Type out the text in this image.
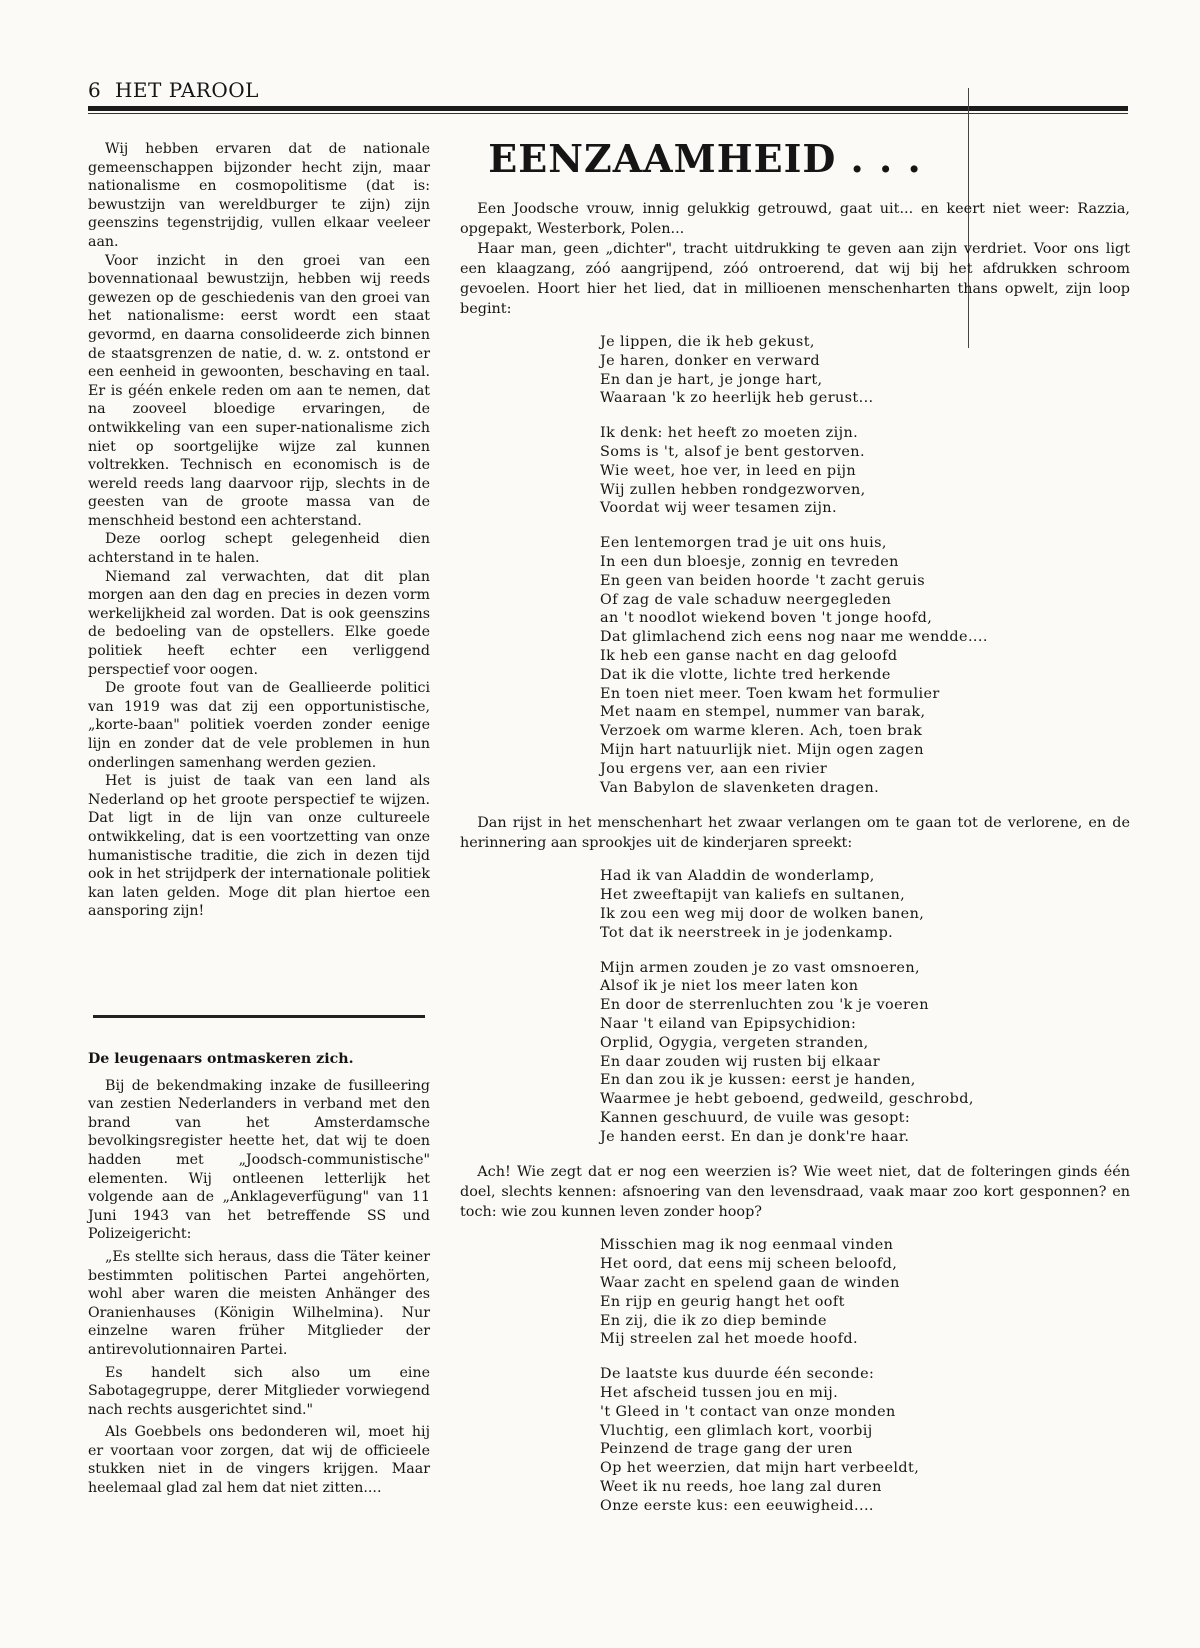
6 HET PAROOL

Wij hebben ervaren dat de nationale gemeenschappen bijzonder hecht zijn, maar nationalisme en cosmopolitisme (dat is: bewustzijn van wereldburger te zijn) zijn geenszins tegenstrijdig, vullen elkaar veeleer aan.

Voor inzicht in den groei van een bovennationaal bewustzijn, hebben wij reeds gewezen op de geschiedenis van den groei van het nationalisme: eerst wordt een staat gevormd, en daarna consolideerde zich binnen de staatsgrenzen de natie, d. w. z. ontstond er een eenheid in gewoonten, beschaving en taal. Er is géén enkele reden om aan te nemen, dat na zooveel bloedige ervaringen, de ontwikkeling van een super-nationalisme zich niet op soortgelijke wijze zal kunnen voltrekken. Technisch en economisch is de wereld reeds lang daarvoor rijp, slechts in de geesten van de groote massa van de menschheid bestond een achterstand.

Deze oorlog schept gelegenheid dien achterstand in te halen.

Niemand zal verwachten, dat dit plan morgen aan den dag en precies in dezen vorm werkelijkheid zal worden. Dat is ook geenszins de bedoeling van de opstellers. Elke goede politiek heeft echter een verliggend perspectief voor oogen.

De groote fout van de Geallieerde politici van 1919 was dat zij een opportunistische, „korte-baan" politiek voerden zonder eenige lijn en zonder dat de vele problemen in hun onderlingen samenhang werden gezien.

Het is juist de taak van een land als Nederland op het groote perspectief te wijzen. Dat ligt in de lijn van onze cultureele ontwikkeling, dat is een voortzetting van onze humanistische traditie, die zich in dezen tijd ook in het strijdperk der internationale politiek kan laten gelden. Moge dit plan hiertoe een aansporing zijn!

De leugenaars ontmaskeren zich.

Bij de bekendmaking inzake de fusilleering van zestien Nederlanders in verband met den brand van het Amsterdamsche bevolkingsregister heette het, dat wij te doen hadden met „Joodsch-communistische" elementen. Wij ontleenen letterlijk het volgende aan de „Anklageverfügung" van 11 Juni 1943 van het betreffende SS und Polizeigericht:

„Es stellte sich heraus, dass die Täter keiner bestimmten politischen Partei angehörten, wohl aber waren die meisten Anhänger des Oranienhauses (Königin Wilhelmina). Nur einzelne waren früher Mitglieder der antirevolutionnairen Partei.

Es handelt sich also um eine Sabotagegruppe, derer Mitglieder vorwiegend nach rechts ausgerichtet sind."

Als Goebbels ons bedonderen wil, moet hij er voortaan voor zorgen, dat wij de officieele stukken niet in de vingers krijgen. Maar heelemaal glad zal hem dat niet zitten....

EENZAAMHEID . . .

Een Joodsche vrouw, innig gelukkig getrouwd, gaat uit... en keert niet weer: Razzia, opgepakt, Westerbork, Polen...

Haar man, geen „dichter", tracht uitdrukking te geven aan zijn verdriet. Voor ons ligt een klaagzang, zóó aangrijpend, zóó ontroerend, dat wij bij het afdrukken schroom gevoelen. Hoort hier het lied, dat in millioenen menschenharten thans opwelt, zijn loop begint:

Je lippen, die ik heb gekust,
Je haren, donker en verward
En dan je hart, je jonge hart,
Waaraan 'k zo heerlijk heb gerust...
Ik denk: het heeft zo moeten zijn.
Soms is 't, alsof je bent gestorven.
Wie weet, hoe ver, in leed en pijn
Wij zullen hebben rondgezworven,
Voordat wij weer tesamen zijn.
Een lentemorgen trad je uit ons huis,
In een dun bloesje, zonnig en tevreden
En geen van beiden hoorde 't zacht geruis
Of zag de vale schaduw neergegleden
an 't noodlot wiekend boven 't jonge hoofd,
Dat glimlachend zich eens nog naar me wendde....
Ik heb een ganse nacht en dag geloofd
Dat ik die vlotte, lichte tred herkende
En toen niet meer. Toen kwam het formulier
Met naam en stempel, nummer van barak,
Verzoek om warme kleren. Ach, toen brak
Mijn hart natuurlijk niet. Mijn ogen zagen
Jou ergens ver, aan een rivier
Van Babylon de slavenketen dragen.

Dan rijst in het menschenhart het zwaar verlangen om te gaan tot de verlorene, en de herinnering aan sprookjes uit de kinderjaren spreekt:

Had ik van Aladdin de wonderlamp,
Het zweeftapijt van kaliefs en sultanen,
Ik zou een weg mij door de wolken banen,
Tot dat ik neerstreek in je jodenkamp.
Mijn armen zouden je zo vast omsnoeren,
Alsof ik je niet los meer laten kon
En door de sterrenluchten zou 'k je voeren
Naar 't eiland van Epipsychidion:
Orplid, Ogygia, vergeten stranden,
En daar zouden wij rusten bij elkaar
En dan zou ik je kussen: eerst je handen,
Waarmee je hebt geboend, gedweild, geschrobd,
Kannen geschuurd, de vuile was gesopt:
Je handen eerst. En dan je donk're haar.

Ach! Wie zegt dat er nog een weerzien is? Wie weet niet, dat de folteringen ginds één doel, slechts kennen: afsnoering van den levensdraad, vaak maar zoo kort gesponnen? en toch: wie zou kunnen leven zonder hoop?

Misschien mag ik nog eenmaal vinden
Het oord, dat eens mij scheen beloofd,
Waar zacht en spelend gaan de winden
En rijp en geurig hangt het ooft
En zij, die ik zo diep beminde
Mij streelen zal het moede hoofd.
De laatste kus duurde één seconde:
Het afscheid tussen jou en mij.
't Gleed in 't contact van onze monden
Vluchtig, een glimlach kort, voorbij
Peinzend de trage gang der uren
Op het weerzien, dat mijn hart verbeeldt,
Weet ik nu reeds, hoe lang zal duren
Onze eerste kus: een eeuwigheid....
